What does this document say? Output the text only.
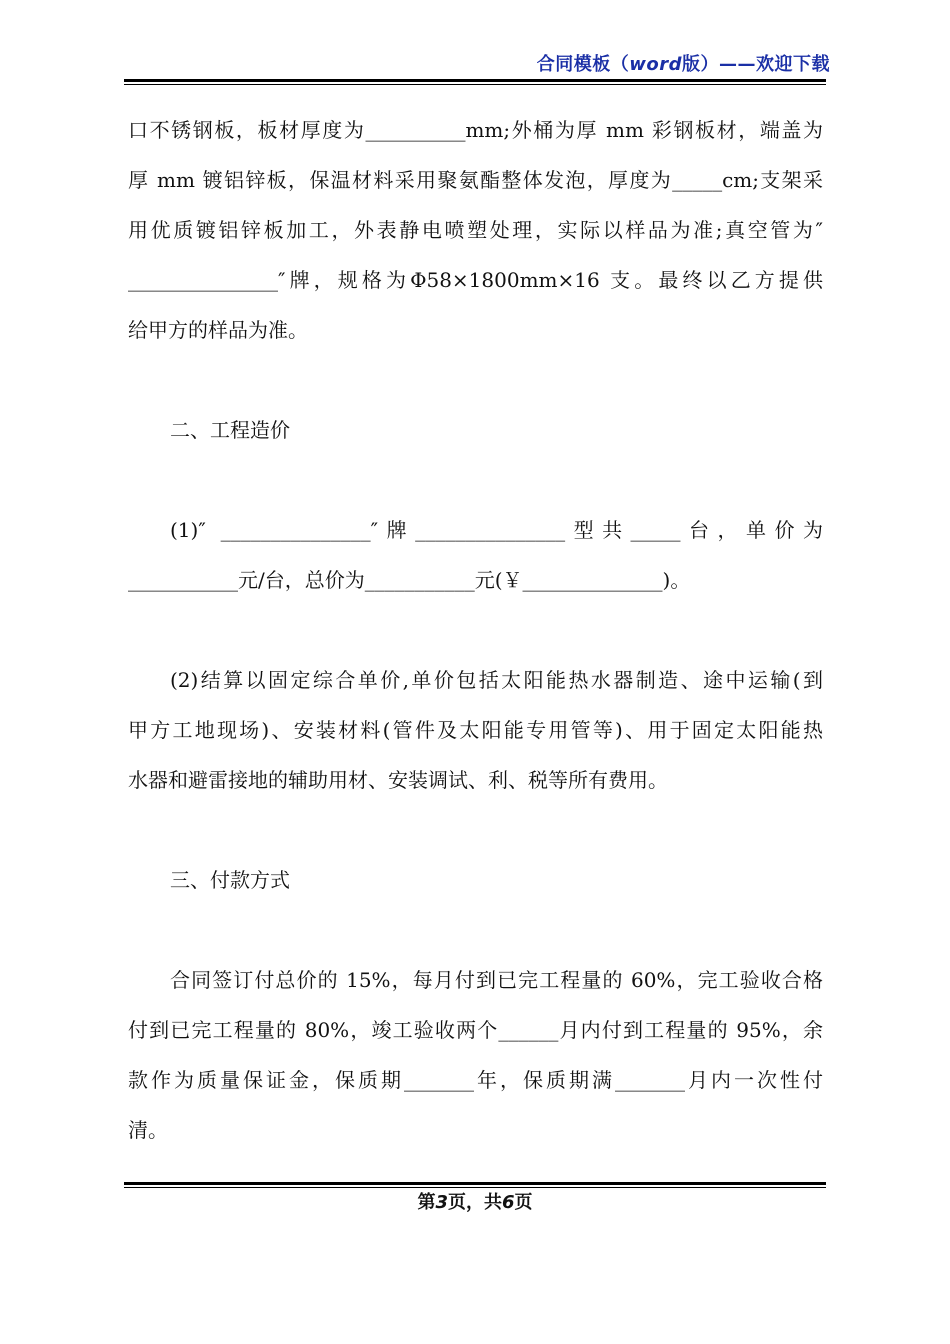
合同模板（word版）——欢迎下载
口不锈钢板，板材厚度为__________mm;外桶为厚 mm 彩钢板材，端盖为
厚 mm 镀铝锌板，保温材料采用聚氨酯整体发泡，厚度为_____cm;支架采
用优质镀铝锌板加工，外表静电喷塑处理，实际以样品为准;真空管为″
_______________″牌，规格为Φ58×1800mm×16 支。最终以乙方提供
给甲方的样品为准。
二、工程造价
(1)″ _______________″牌_______________型共_____台，单价为
___________元/台，总价为___________元(￥______________)。
(2)结算以固定综合单价,单价包括太阳能热水器制造、途中运输(到
甲方工地现场)、安装材料(管件及太阳能专用管等)、用于固定太阳能热
水器和避雷接地的辅助用材、安装调试、利、税等所有费用。
三、付款方式
合同签订付总价的 15%，每月付到已完工程量的 60%，完工验收合格
付到已完工程量的 80%，竣工验收两个______月内付到工程量的 95%，余
款作为质量保证金，保质期_______年，保质期满_______月内一次性付
清。
第3页，共6页
